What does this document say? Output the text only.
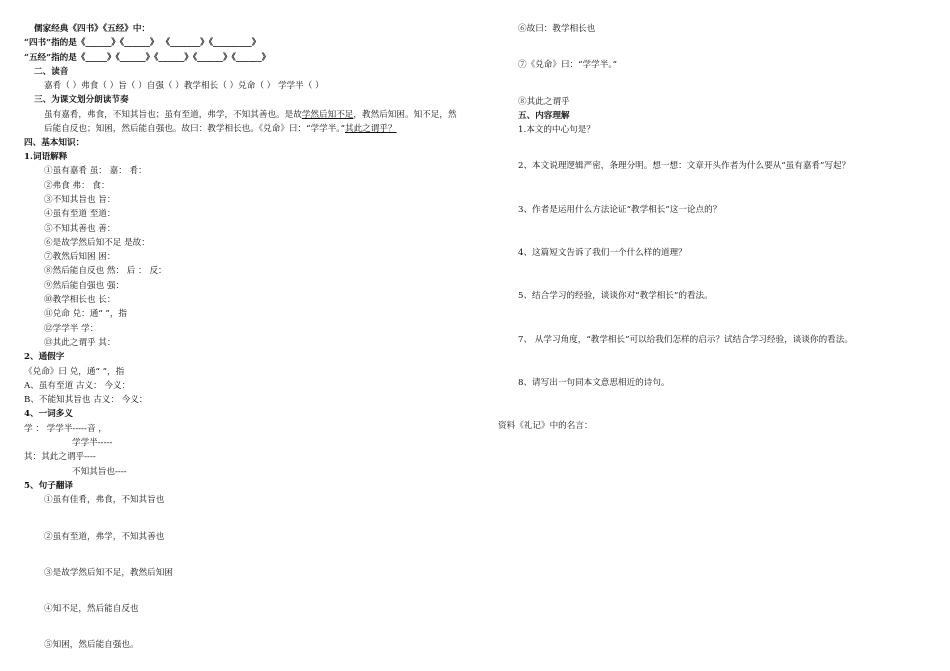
儒家经典《四书》《五经》中：
“四书”指的是《______》《______》 《_______》《_________》
“五经”指的是《_____》《______》《______》《______》《______》
二、读音
嘉肴（ ）弗食（ ）旨（ ）自强（ ）教学相长（ ）兑命（ ） 学学半（ ）
三、为课文划分朗读节奏
虽有嘉肴，弗食，不知其旨也；虽有至道，弗学，不知其善也。是故学然后知不足，教然后知困。知不足，然后能自反也；知困，然后能自强也。故曰：教学相长也。《兑命》曰：“学学半。”其此之谓乎？
四、基本知识：
1.词语解释
①虽有嘉肴 虽： 嘉： 肴：
②弗食 弗： 食：
③不知其旨也 旨：
④虽有至道 至道：
⑤不知其善也 善：
⑥是故学然后知不足 是故：
⑦教然后知困 困：
⑧然后能自反也 然： 后 ： 反：
⑨然后能自强也 强：
⑩教学相长也 长：
⑪兑命 兑：通“ ”，指
⑫学学半 学：
⑬其此之谓乎 其：
2、通假字
《兑命》曰 兑，通“ ”，指
A、虽有至道 古义： 今义：
B、不能知其旨也 古义： 今义：
4、一词多义
学 ： 学学半-----音 ，
学学半-----
其：其此之谓乎----
不知其旨也----
5、句子翻译
①虽有佳肴，弗食，不知其旨也
②虽有至道，弗学，不知其善也
③是故学然后知不足，教然后知困
④知不足，然后能自反也
⑤知困，然后能自强也。
⑥故曰：教学相长也
⑦《兑命》曰：“学学半。”
⑧其此之谓乎
五、内容理解
1.本文的中心句是？
2、本文说理逻辑严密，条理分明。想一想：文章开头作者为什么要从“虽有嘉肴”写起？
3、作者是运用什么方法论证“教学相长”这一论点的？
4、这篇短文告诉了我们一个什么样的道理？
5、结合学习的经验，谈谈你对“教学相长”的看法。
7、 从学习角度，“教学相长”可以给我们怎样的启示？试结合学习经验，谈谈你的看法。
8、请写出一句同本文意思相近的诗句。
资料《礼记》中的名言：
